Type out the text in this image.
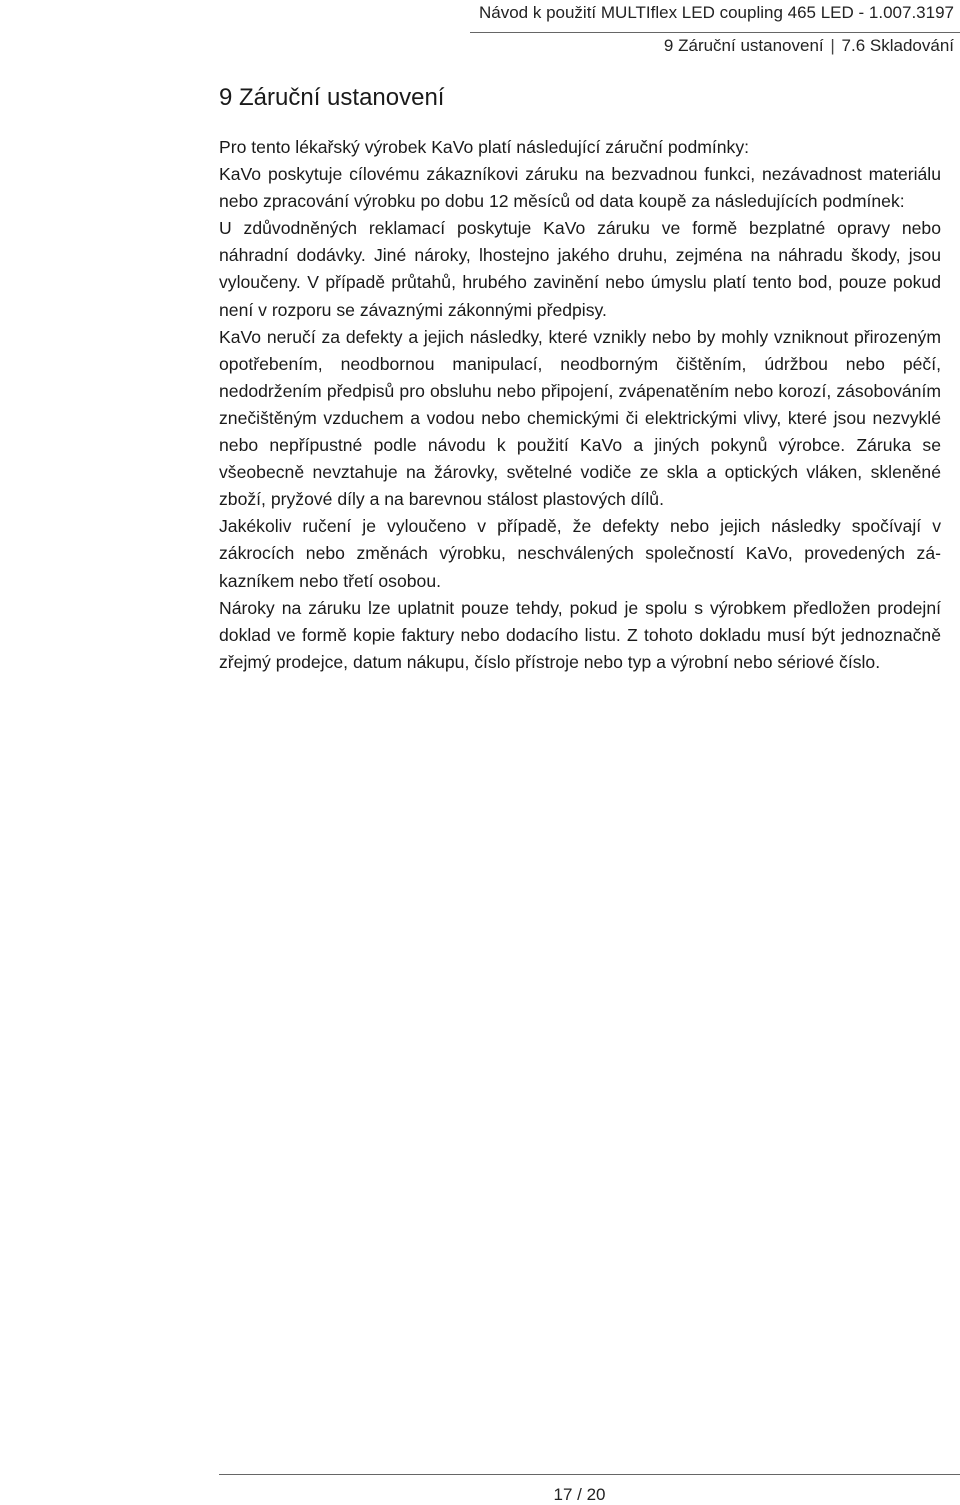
Návod k použití MULTIflex LED coupling 465 LED - 1.007.3197
9 Záruční ustanovení | 7.6 Skladování
9 Záruční ustanovení

Pro tento lékařský výrobek KaVo platí následující záruční podmínky:

KaVo poskytuje cílovému zákazníkovi záruku na bezvadnou funkci, nezávadnost materiálu nebo zpracování výrobku po dobu 12 měsíců od data koupě za následujících podmínek:

U zdůvodněných reklamací poskytuje KaVo záruku ve formě bezplatné opravy nebo náhradní dodávky. Jiné nároky, lhostejno jakého druhu, zejména na náhradu škody, jsou vyloučeny. V případě průtahů, hrubého zavinění nebo úmyslu platí tento bod, pouze pokud není v rozporu se závaznými zákonnými předpisy.

KaVo neručí za defekty a jejich následky, které vznikly nebo by mohly vzniknout přirozeným opotřebením, neodbornou manipulací, neodborným čištěním, údržbou nebo péčí, nedodržením předpisů pro obsluhu nebo připojení, zvápenatěním nebo korozí, zásobováním znečištěným vzduchem a vodou nebo chemickými či elektrickými vlivy, které jsou nezvyklé nebo nepřípustné podle návodu k použití KaVo a jiných pokynů výrobce. Záruka se všeobecně nevztahuje na žárovky, světelné vodiče ze skla a optických vláken, skleněné zboží, pryžové díly a na barevnou stálost plastových dílů.

Jakékoliv ručení je vyloučeno v případě, že defekty nebo jejich následky spočívají v zákrocích nebo změnách výrobku, neschválených společností KaVo, provedených zákazníkem nebo třetí osobou.

Nároky na záruku lze uplatnit pouze tehdy, pokud je spolu s výrobkem předložen prodejní doklad ve formě kopie faktury nebo dodacího listu. Z tohoto dokladu musí být jednoznačně zřejmý prodejce, datum nákupu, číslo přístroje nebo typ a výrobní nebo sériové číslo.

17 / 20
